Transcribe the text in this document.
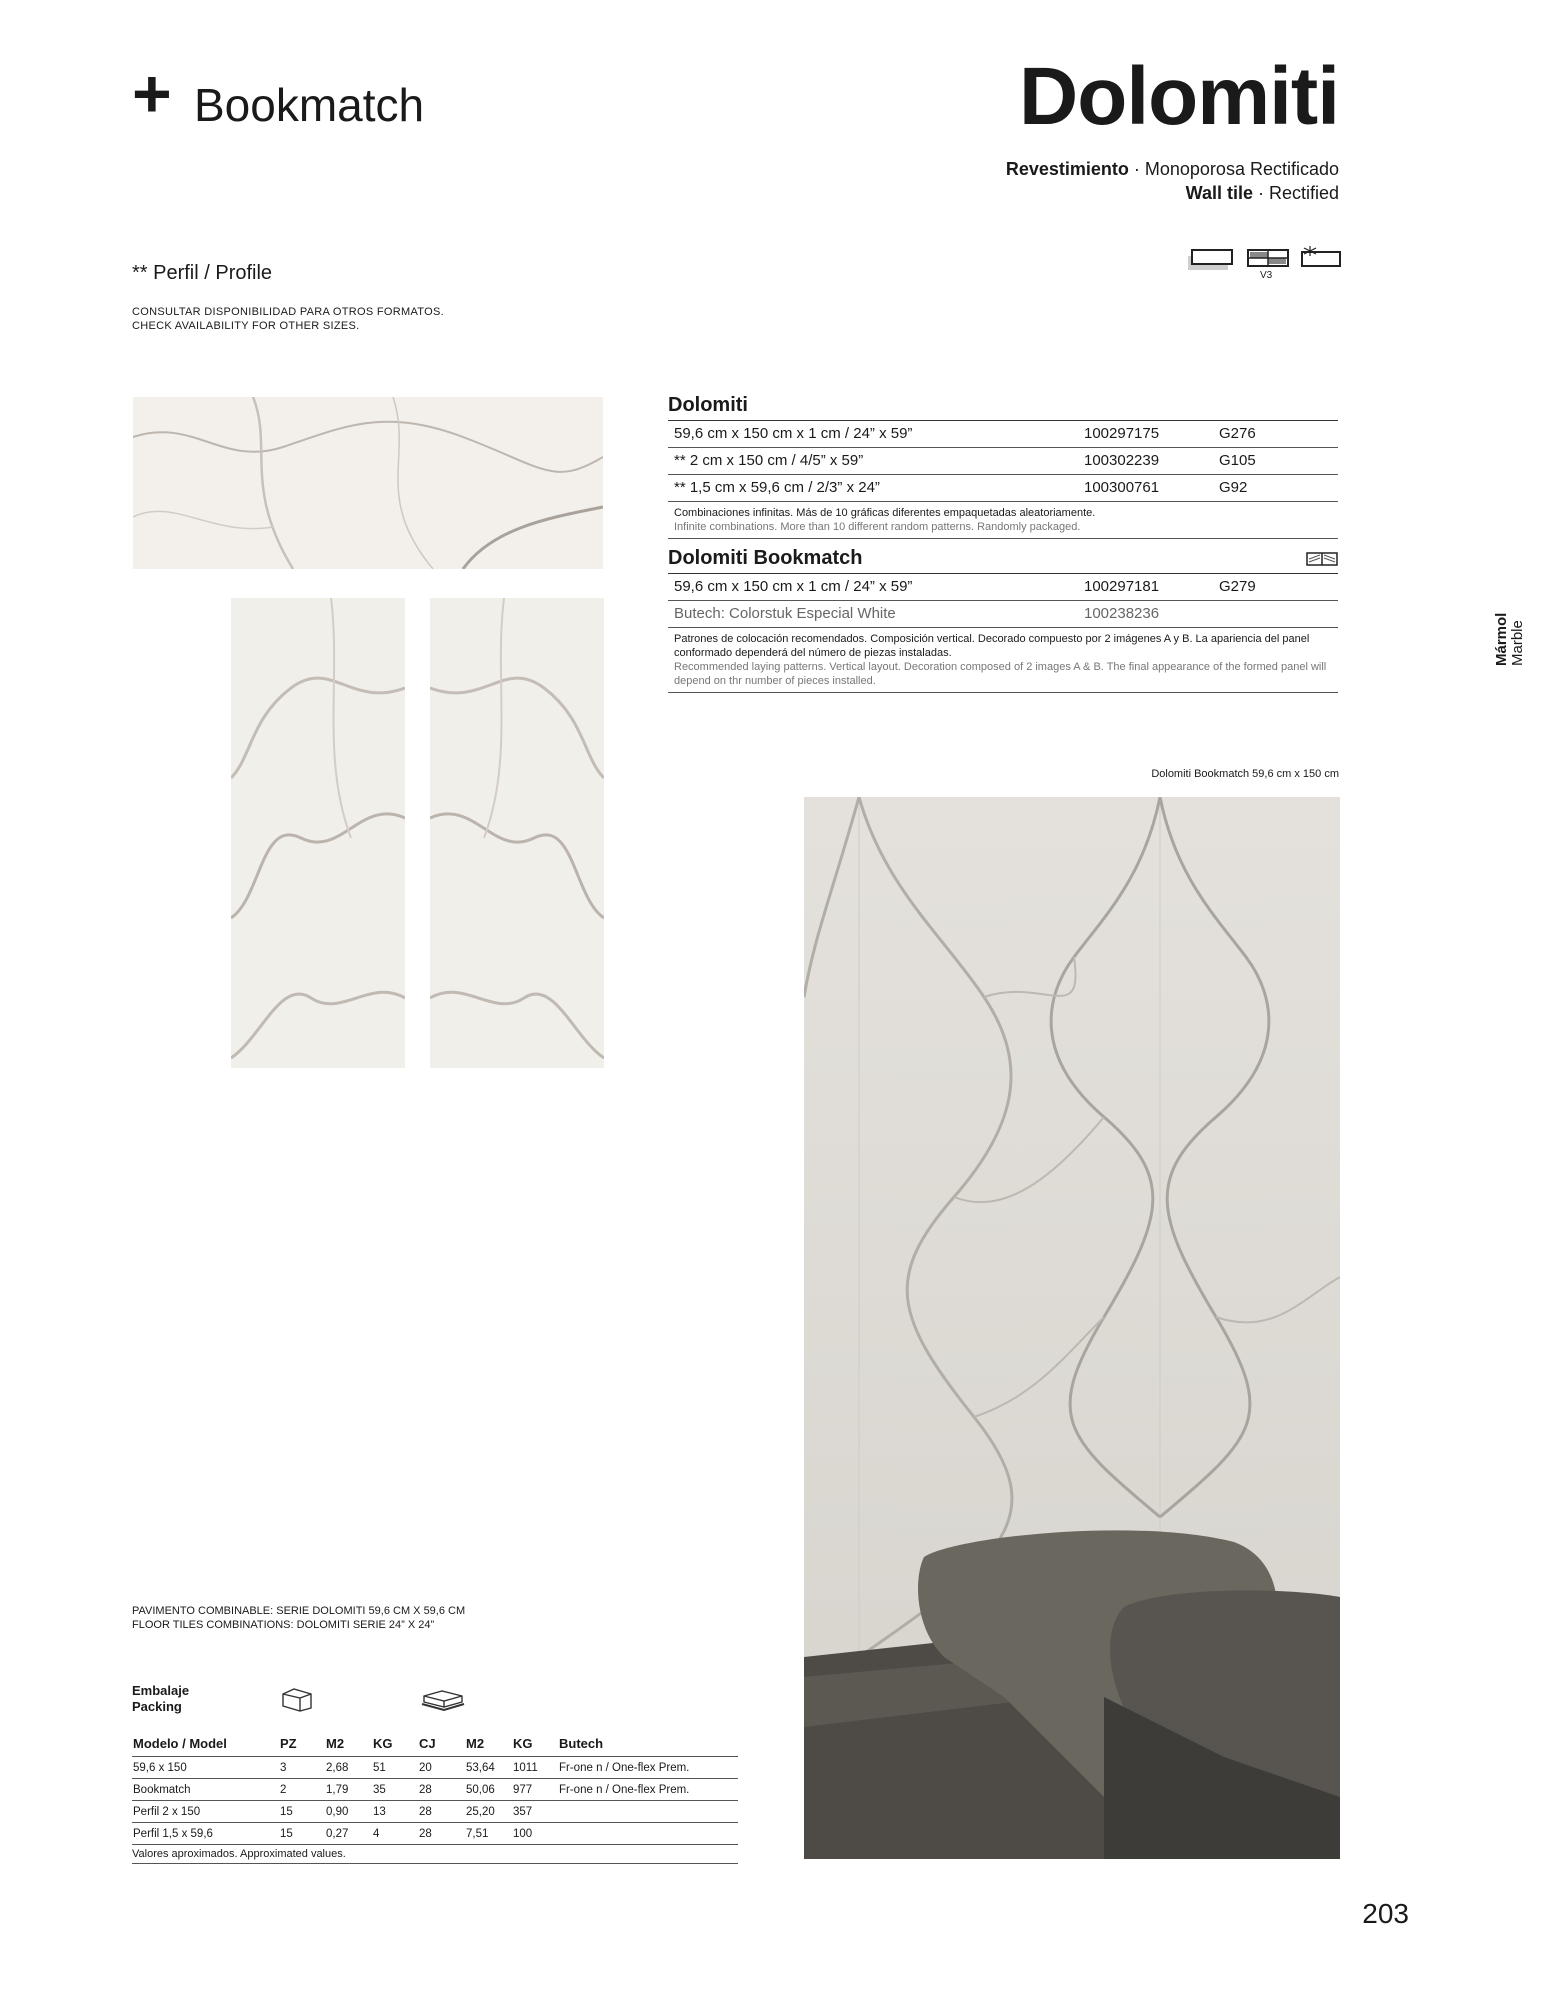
+ Bookmatch	Dolomiti
Revestimiento · Monoporosa Rectificado
Wall tile · Rectified
V3
** Perfil / Profile
CONSULTAR DISPONIBILIDAD PARA OTROS FORMATOS.
CHECK AVAILABILITY FOR OTHER SIZES.
Mármol Marble
Dolomiti
59,6 cm x 150 cm x 1 cm / 24” x 59”	100297175	G276
** 2 cm x 150 cm / 4/5” x 59”	100302239	G105
** 1,5 cm x 59,6 cm / 2/3” x 24”	100300761	G92
Combinaciones infinitas. Más de 10 gráficas diferentes empaquetadas aleatoriamente.
Infinite combinations. More than 10 different random patterns. Randomly packaged.
Dolomiti Bookmatch
59,6 cm x 150 cm x 1 cm / 24” x 59”	100297181	G279
Butech: Colorstuk Especial White	100238236
Patrones de colocación recomendados. Composición vertical. Decorado compuesto por 2 imágenes A y B. La apariencia del panel conformado dependerá del número de piezas instaladas.
Recommended laying patterns. Vertical layout. Decoration composed of 2 images A & B. The final appearance of the formed panel will depend on thr number of pieces installed.
Dolomiti Bookmatch 59,6 cm x 150 cm
PAVIMENTO COMBINABLE: SERIE DOLOMITI 59,6 CM X 59,6 CM
FLOOR TILES COMBINATIONS: DOLOMITI SERIE 24” X 24”
Embalaje
Packing
Modelo / Model	PZ	M2	KG	CJ	M2	KG	Butech
59,6 x 150	3	2,68	51	20	53,64	1011	Fr-one n / One-flex Prem.
Bookmatch	2	1,79	35	28	50,06	977	Fr-one n / One-flex Prem.
Perfil 2 x 150	15	0,90	13	28	25,20	357	
Perfil 1,5 x 59,6	15	0,27	4	28	7,51	100	
Valores aproximados. Approximated values.
203
